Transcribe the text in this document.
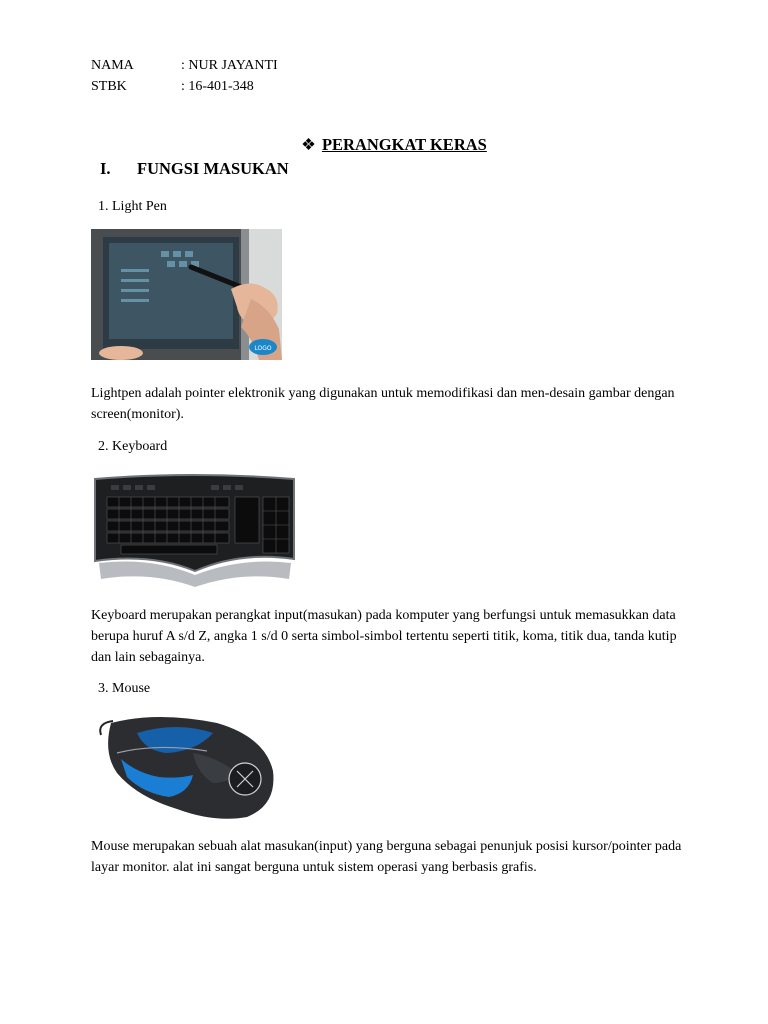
NAMA	: NUR JAYANTI
STBK	: 16-401-348
❖ PERANGKAT KERAS
I. FUNGSI MASUKAN
1. Light Pen
LOGO
Lightpen adalah pointer elektronik yang digunakan untuk memodifikasi dan men-desain gambar dengan screen(monitor).
2. Keyboard
Keyboard merupakan perangkat input(masukan) pada komputer yang berfungsi untuk memasukkan data berupa huruf A s/d Z, angka 1 s/d 0 serta simbol-simbol tertentu seperti titik, koma, titik dua, tanda kutip dan lain sebagainya.
3. Mouse
Mouse merupakan sebuah alat masukan(input) yang berguna sebagai penunjuk posisi kursor/pointer pada layar monitor. alat ini sangat berguna untuk sistem operasi yang berbasis grafis.
